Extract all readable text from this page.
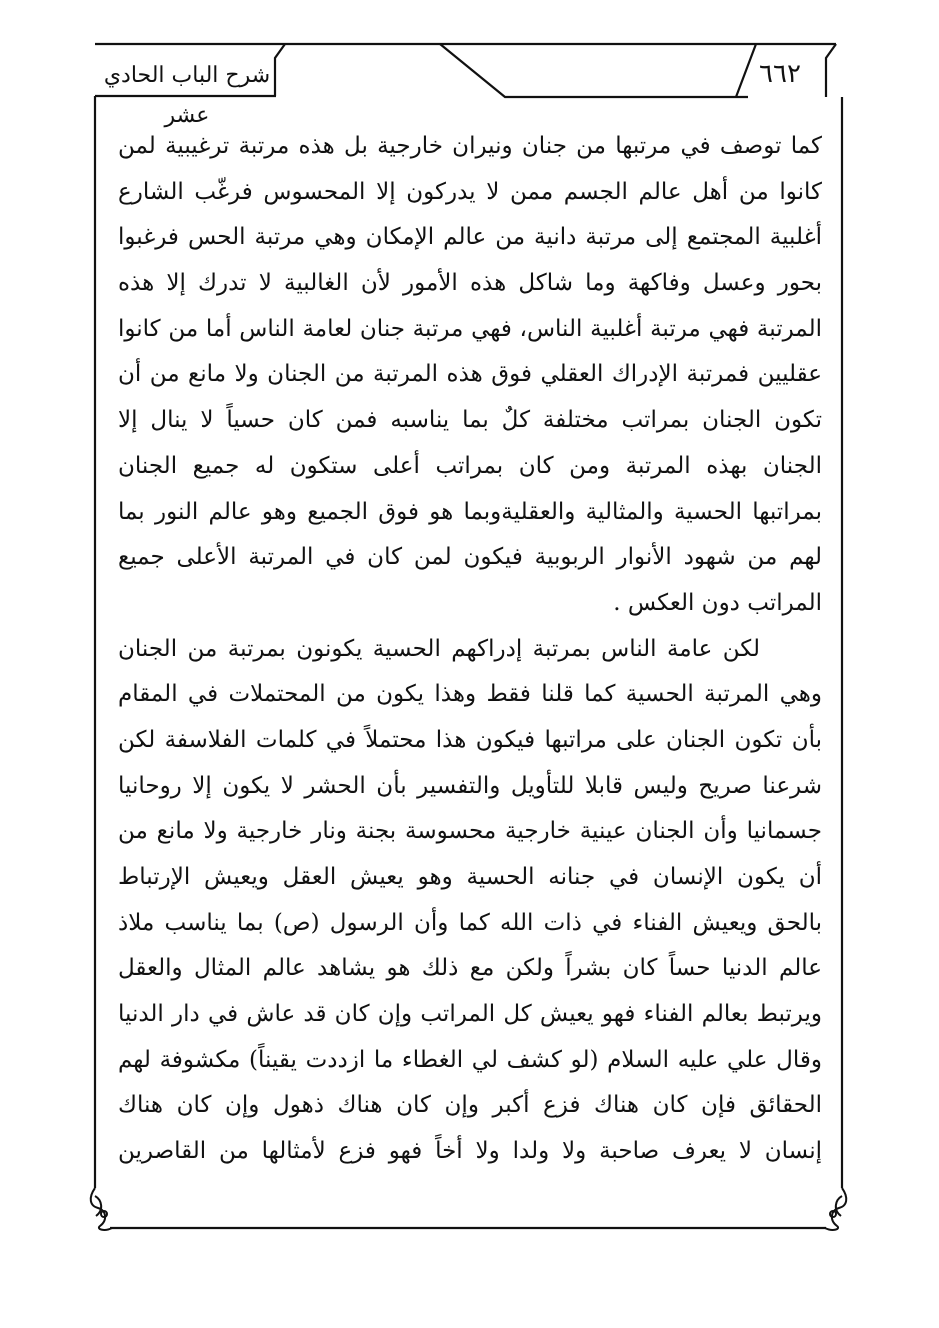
شرح الباب الحادي عشر
٦٦٢
كما توصف في مرتبها من جنان ونيران خارجية بل هذه مرتبة ترغيبية لمن
كانوا من أهل عالم الجسم ممن لا يدركون إلا المحسوس فرغّب الشارع
أغلبية المجتمع إلى مرتبة دانية من عالم الإمكان وهي مرتبة الحس فرغبوا
بحور وعسل وفاكهة وما شاكل هذه الأمور لأن الغالبية لا تدرك إلا هذه
المرتبة فهي مرتبة أغلبية الناس، فهي مرتبة جنان لعامة الناس أما من كانوا
عقليين فمرتبة الإدراك العقلي فوق هذه المرتبة من الجنان ولا مانع من أن
تكون الجنان بمراتب مختلفة كلٌ بما يناسبه فمن كان حسياً لا ينال إلا
الجنان بهذه المرتبة ومن كان بمراتب أعلى ستكون له جميع الجنان
بمراتبها الحسية والمثالية والعقليةوبما هو فوق الجميع وهو عالم النور بما
لهم من شهود الأنوار الربوبية فيكون لمن كان في المرتبة الأعلى جميع
المراتب دون العكس .
لكن عامة الناس بمرتبة إدراكهم الحسية يكونون بمرتبة من الجنان
وهي المرتبة الحسية كما قلنا فقط وهذا يكون من المحتملات في المقام
بأن تكون الجنان على مراتبها فيكون هذا محتملاً في كلمات الفلاسفة لكن
شرعنا صريح وليس قابلا للتأويل والتفسير بأن الحشر لا يكون إلا روحانيا
جسمانيا وأن الجنان عينية خارجية محسوسة بجنة ونار خارجية ولا مانع من
أن يكون الإنسان في جنانه الحسية وهو يعيش العقل ويعيش الإرتباط
بالحق ويعيش الفناء في ذات الله كما وأن الرسول (ص) بما يناسب ملاذ
عالم الدنيا حساً كان بشراً ولكن مع ذلك هو يشاهد عالم المثال والعقل
ويرتبط بعالم الفناء فهو يعيش كل المراتب وإن كان قد عاش في دار الدنيا
وقال علي عليه السلام (لو كشف لي الغطاء ما ازددت يقيناً) مكشوفة لهم
الحقائق فإن كان هناك فزع أكبر وإن كان هناك ذهول وإن كان هناك
إنسان لا يعرف صاحبة ولا ولدا ولا أخاً فهو فزع لأمثالها من القاصرين
